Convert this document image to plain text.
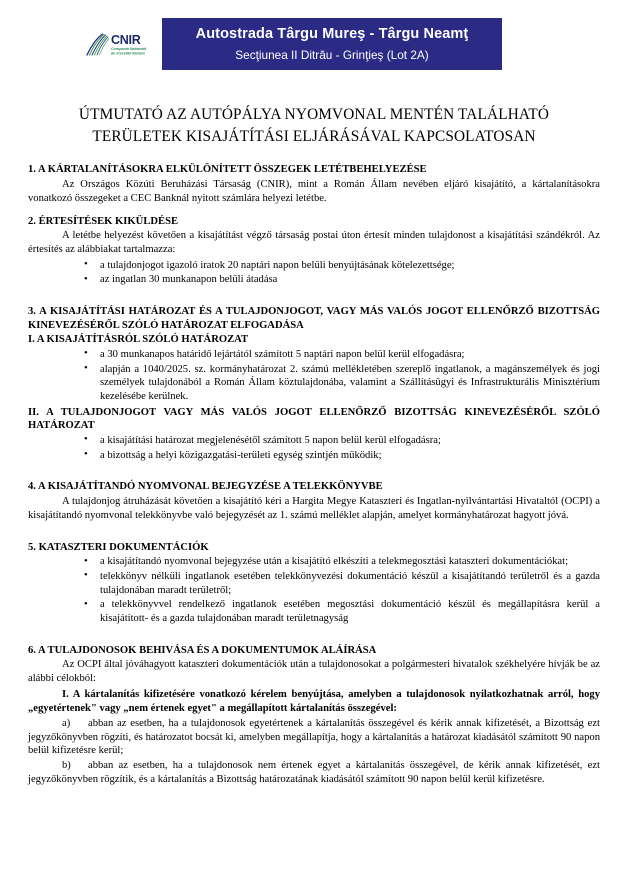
CNIR
Compania Națională
de Investiții Rutiere
Autostrada Târgu Mureş - Târgu Neamţ
Secţiunea II Ditrău - Grinţieş (Lot 2A)
ÚTMUTATÓ AZ AUTÓPÁLYA NYOMVONAL MENTÉN TALÁLHATÓ
TERÜLETEK KISAJÁTÍTÁSI ELJÁRÁSÁVAL KAPCSOLATOSAN
1. A KÁRTALANÍTÁSOKRA ELKÜLÖNÍTETT ÖSSZEGEK LETÉTBEHELYEZÉSE

Az Országos Közúti Beruházási Társaság (CNIR), mint a Román Állam nevében eljáró kisajátító, a kártalanításokra vonatkozó összegeket a CEC Banknál nyitott számlára helyezi letétbe.

2. ÉRTESÍTÉSEK KIKÜLDÉSE

A letétbe helyezést követően a kisajátítást végző társaság postai úton értesít minden tulajdonost a kisajátítási szándékról. Az értesítés az alábbiakat tartalmazza:

• a tulajdonjogot igazoló iratok 20 naptári napon belüli benyújtásának kötelezettsége;
• az ingatlan 30 munkanapon belüli átadása
3. A KISAJÁTÍTÁSI HATÁROZAT ÉS A TULAJDONJOGOT, VAGY MÁS VALÓS JOGOT ELLENŐRZŐ BIZOTTSÁG KINEVEZÉSÉRŐL SZÓLÓ HATÁROZAT ELFOGADÁSA
I. A KISAJÁTÍTÁSRÓL SZÓLÓ HATÁROZAT
• a 30 munkanapos határidő lejártától számított 5 naptári napon belül kerül elfogadásra;
• alapján a 1040/2025. sz. kormányhatározat 2. számú mellékletében szereplő ingatlanok, a magánszemélyek és jogi személyek tulajdonából a Román Állam köztulajdonába, valamint a Szállításügyi és Infrastrukturális Minisztérium kezelésébe kerülnek.
II. A TULAJDONJOGOT VAGY MÁS VALÓS JOGOT ELLENŐRZŐ BIZOTTSÁG KINEVEZÉSÉRŐL SZÓLÓ HATÁROZAT
• a kisajátítási határozat megjelenésétől számított 5 napon belül kerül elfogadásra;
• a bizottság a helyi közigazgatási-területi egység szintjén működik;
4. A KISAJÁTÍTANDÓ NYOMVONAL BEJEGYZÉSE A TELEKKÖNYVBE

A tulajdonjog átruházását követően a kisajátító kéri a Hargita Megye Kataszteri és Ingatlan-nyilvántartási Hivataltól (OCPI) a kisajátítandó nyomvonal telekkönyvbe való bejegyzését az 1. számú melléklet alapján, amelyet kormányhatározat hagyott jóvá.

5. KATASZTERI DOKUMENTÁCIÓK
• a kisajátítandó nyomvonal bejegyzése után a kisajátító elkészíti a telekmegosztási kataszteri dokumentációkat;
• telekkönyv nélküli ingatlanok esetében telekkönyvezési dokumentáció készül a kisajátítandó területről és a gazda tulajdonában maradt területről;
• a telekkönyvvel rendelkező ingatlanok esetében megosztási dokumentáció készül és megállapításra kerül a kisajátított- és a gazda tulajdonában maradt területnagyság
6. A TULAJDONOSOK BEHIVÁSA ÉS A DOKUMENTUMOK ALÁÍRÁSA

Az OCPI által jóváhagyott kataszteri dokumentációk után a tulajdonosokat a polgármesteri hivatalok székhelyére hívják be az alábbi célokból:

I. A kártalanítás kifizetésére vonatkozó kérelem benyújtása, amelyben a tulajdonosok nyilatkozhatnak arról, hogy „egyetértenek" vagy „nem értenek egyet" a megállapított kártalanítás összegével:

a) abban az esetben, ha a tulajdonosok egyetértenek a kártalanítás összegével és kérik annak kifizetését, a Bizottság ezt jegyzőkönyvben rögzíti, és határozatot bocsát ki, amelyben megállapítja, hogy a kártalanítás a határozat kiadásától számított 90 napon belül kifizetésre kerül;

b) abban az esetben, ha a tulajdonosok nem értenek egyet a kártalanítás összegével, de kérik annak kifizetését, ezt jegyzőkönyvben rögzítik, és a kártalanítás a Bizottság határozatának kiadásától számított 90 napon belül kerül kifizetésre.
